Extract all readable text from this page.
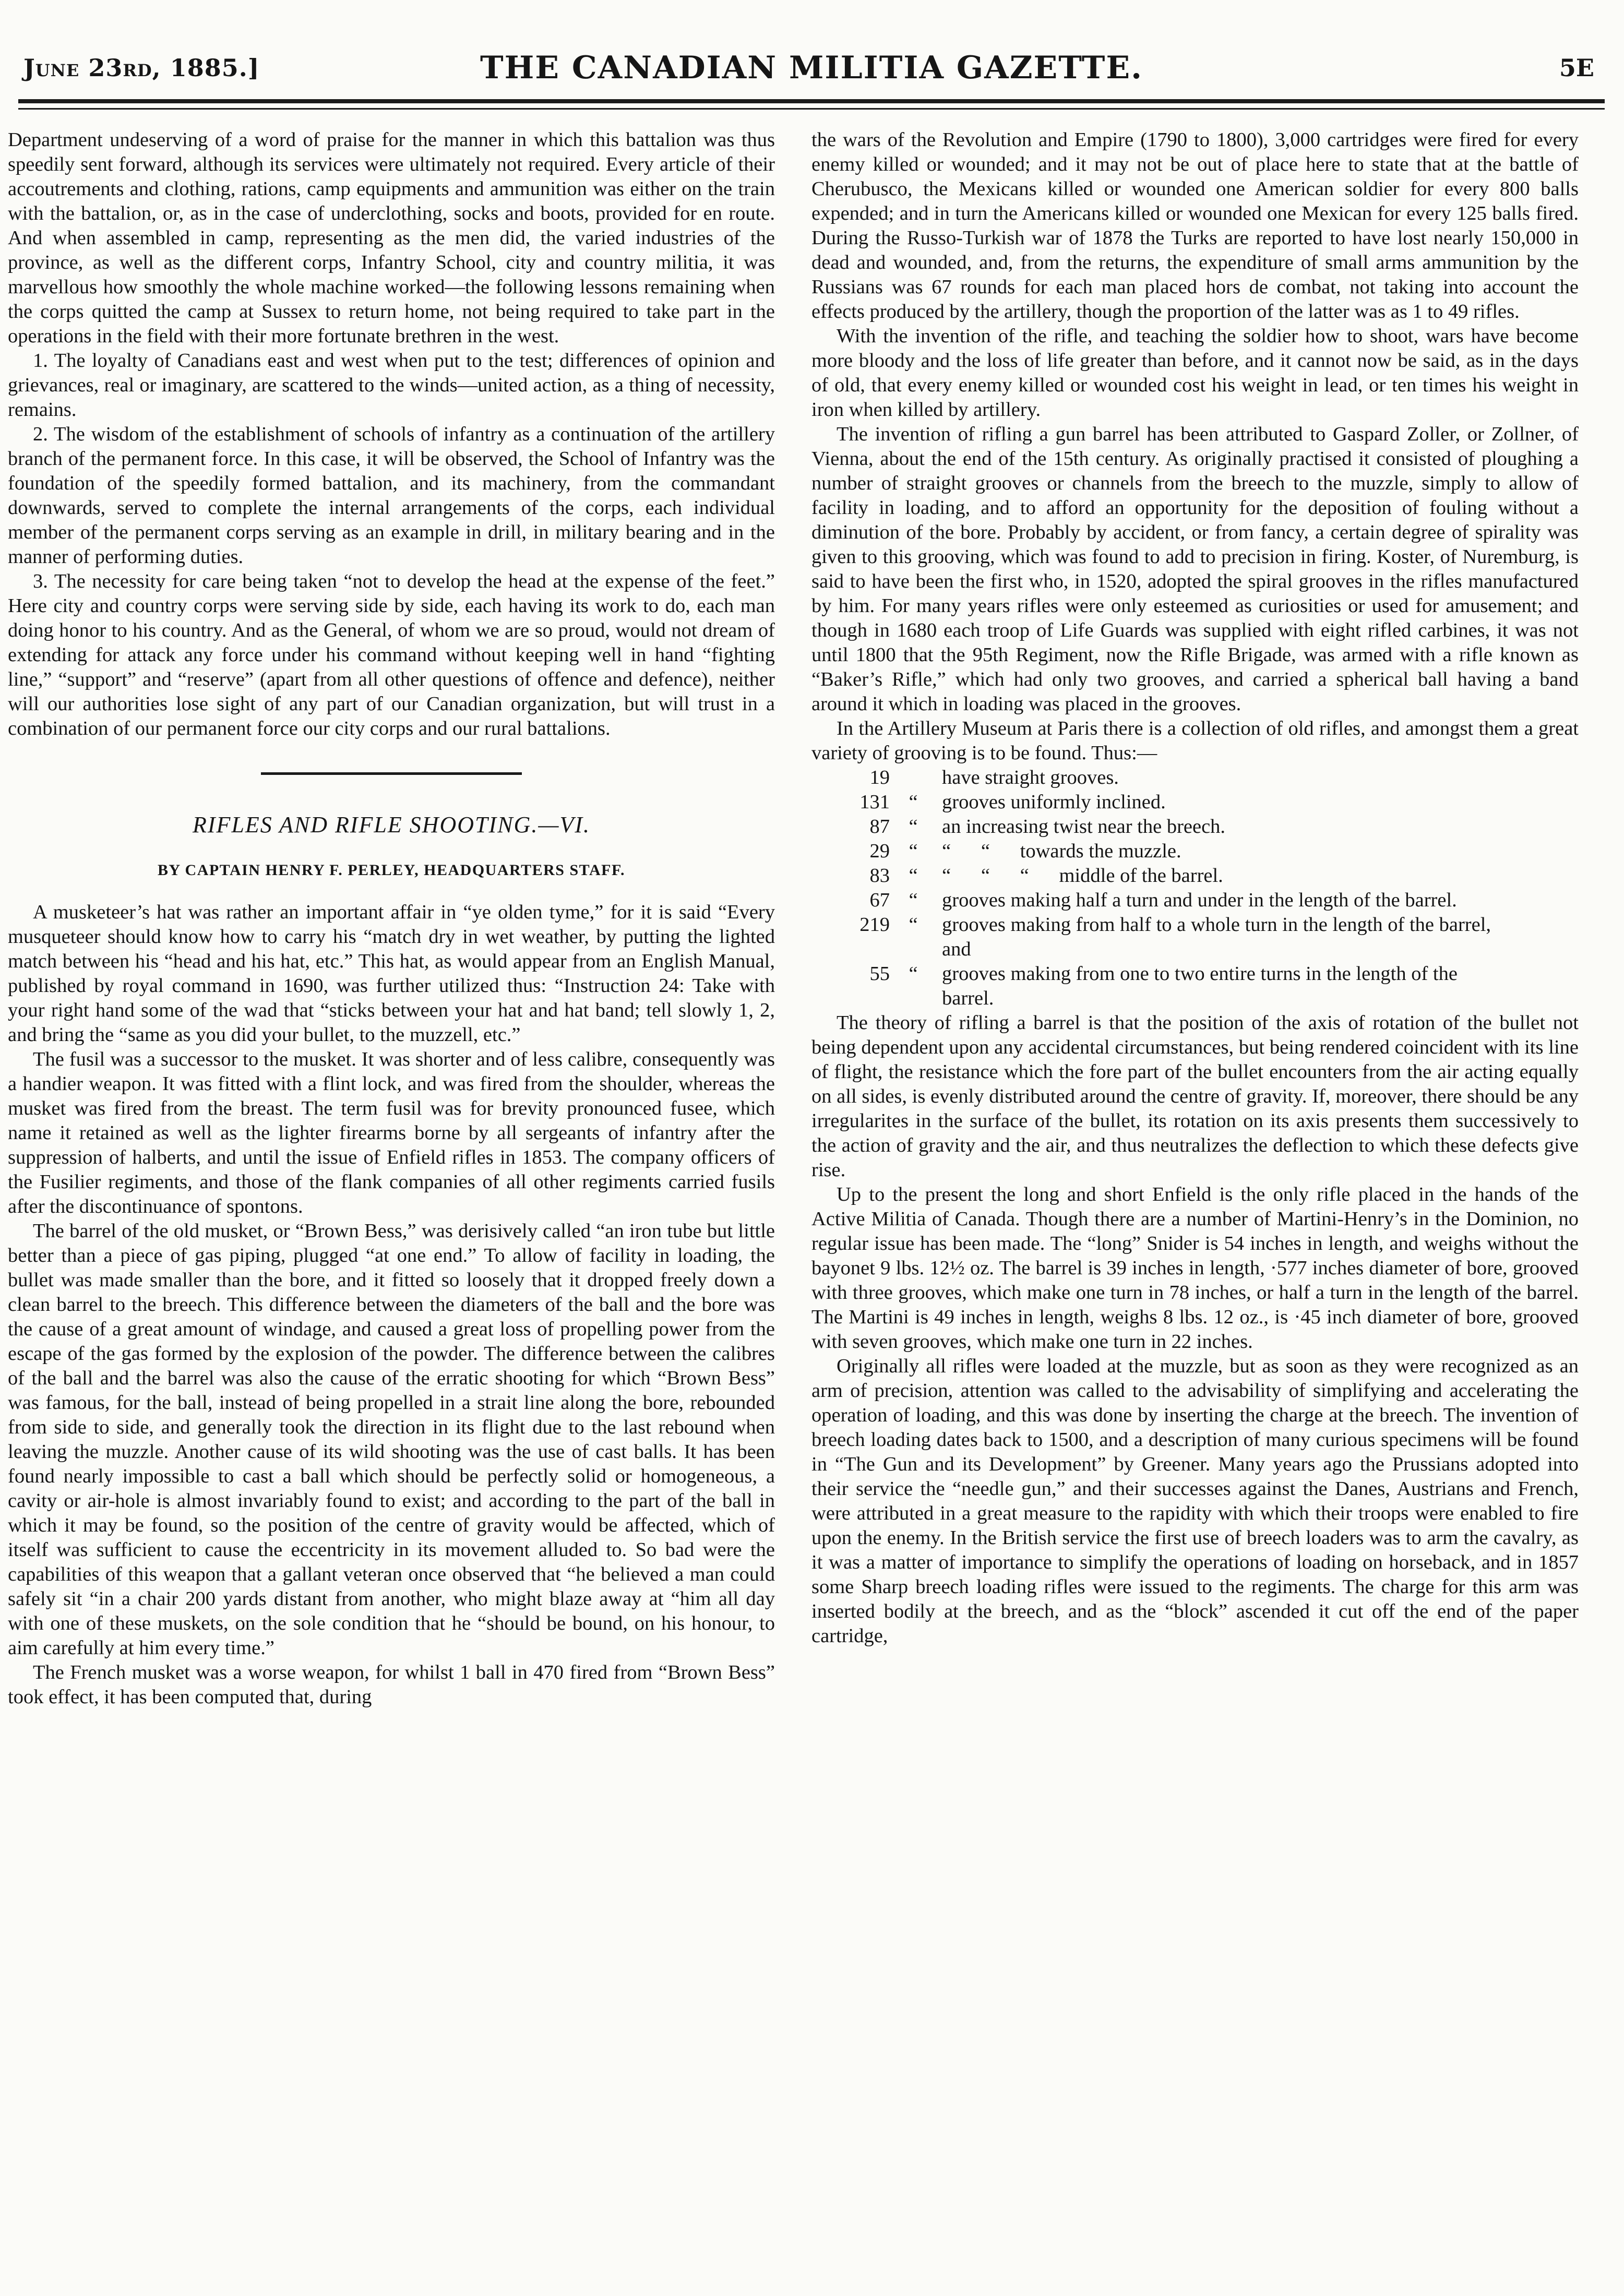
June 23rd, 1885.]	THE CANADIAN MILITIA GAZETTE.	5E

Department undeserving of a word of praise for the manner in which this battalion was thus speedily sent forward, although its services were ultimately not required. Every article of their accoutrements and clothing, rations, camp equipments and ammunition was either on the train with the battalion, or, as in the case of underclothing, socks and boots, provided for en route. And when assembled in camp, representing as the men did, the varied industries of the province, as well as the different corps, Infantry School, city and country militia, it was marvellous how smoothly the whole machine worked—the following lessons remaining when the corps quitted the camp at Sussex to return home, not being required to take part in the operations in the field with their more fortunate brethren in the west.

1. The loyalty of Canadians east and west when put to the test; differences of opinion and grievances, real or imaginary, are scattered to the winds—united action, as a thing of necessity, remains.

2. The wisdom of the establishment of schools of infantry as a continuation of the artillery branch of the permanent force. In this case, it will be observed, the School of Infantry was the foundation of the speedily formed battalion, and its machinery, from the commandant downwards, served to complete the internal arrangements of the corps, each individual member of the permanent corps serving as an example in drill, in military bearing and in the manner of performing duties.

3. The necessity for care being taken “not to develop the head at the expense of the feet.” Here city and country corps were serving side by side, each having its work to do, each man doing honor to his country. And as the General, of whom we are so proud, would not dream of extending for attack any force under his command without keeping well in hand “fighting line,” “support” and “reserve” (apart from all other questions of offence and defence), neither will our authorities lose sight of any part of our Canadian organization, but will trust in a combination of our permanent force our city corps and our rural battalions.

RIFLES AND RIFLE SHOOTING.—VI.
BY CAPTAIN HENRY F. PERLEY, HEADQUARTERS STAFF.

A musketeer’s hat was rather an important affair in “ye olden tyme,” for it is said “Every musqueteer should know how to carry his “match dry in wet weather, by putting the lighted match between his “head and his hat, etc.” This hat, as would appear from an English Manual, published by royal command in 1690, was further utilized thus: “Instruction 24: Take with your right hand some of the wad that “sticks between your hat and hat band; tell slowly 1, 2, and bring the “same as you did your bullet, to the muzzell, etc.”

The fusil was a successor to the musket. It was shorter and of less calibre, consequently was a handier weapon. It was fitted with a flint lock, and was fired from the shoulder, whereas the musket was fired from the breast. The term fusil was for brevity pronounced fusee, which name it retained as well as the lighter firearms borne by all sergeants of infantry after the suppression of halberts, and until the issue of Enfield rifles in 1853. The company officers of the Fusilier regiments, and those of the flank companies of all other regiments carried fusils after the discontinuance of spontons.

The barrel of the old musket, or “Brown Bess,” was derisively called “an iron tube but little better than a piece of gas piping, plugged “at one end.” To allow of facility in loading, the bullet was made smaller than the bore, and it fitted so loosely that it dropped freely down a clean barrel to the breech. This difference between the diameters of the ball and the bore was the cause of a great amount of windage, and caused a great loss of propelling power from the escape of the gas formed by the explosion of the powder. The difference between the calibres of the ball and the barrel was also the cause of the erratic shooting for which “Brown Bess” was famous, for the ball, instead of being propelled in a strait line along the bore, rebounded from side to side, and generally took the direction in its flight due to the last rebound when leaving the muzzle. Another cause of its wild shooting was the use of cast balls. It has been found nearly impossible to cast a ball which should be perfectly solid or homogeneous, a cavity or air-hole is almost invariably found to exist; and according to the part of the ball in which it may be found, so the position of the centre of gravity would be affected, which of itself was sufficient to cause the eccentricity in its movement alluded to. So bad were the capabilities of this weapon that a gallant veteran once observed that “he believed a man could safely sit “in a chair 200 yards distant from another, who might blaze away at “him all day with one of these muskets, on the sole condition that he “should be bound, on his honour, to aim carefully at him every time.”

The French musket was a worse weapon, for whilst 1 ball in 470 fired from “Brown Bess” took effect, it has been computed that, during

the wars of the Revolution and Empire (1790 to 1800), 3,000 cartridges were fired for every enemy killed or wounded; and it may not be out of place here to state that at the battle of Cherubusco, the Mexicans killed or wounded one American soldier for every 800 balls expended; and in turn the Americans killed or wounded one Mexican for every 125 balls fired. During the Russo-Turkish war of 1878 the Turks are reported to have lost nearly 150,000 in dead and wounded, and, from the returns, the expenditure of small arms ammunition by the Russians was 67 rounds for each man placed hors de combat, not taking into account the effects produced by the artillery, though the proportion of the latter was as 1 to 49 rifles.

With the invention of the rifle, and teaching the soldier how to shoot, wars have become more bloody and the loss of life greater than before, and it cannot now be said, as in the days of old, that every enemy killed or wounded cost his weight in lead, or ten times his weight in iron when killed by artillery.

The invention of rifling a gun barrel has been attributed to Gaspard Zoller, or Zollner, of Vienna, about the end of the 15th century. As originally practised it consisted of ploughing a number of straight grooves or channels from the breech to the muzzle, simply to allow of facility in loading, and to afford an opportunity for the deposition of fouling without a diminution of the bore. Probably by accident, or from fancy, a certain degree of spirality was given to this grooving, which was found to add to precision in firing. Koster, of Nuremburg, is said to have been the first who, in 1520, adopted the spiral grooves in the rifles manufactured by him. For many years rifles were only esteemed as curiosities or used for amusement; and though in 1680 each troop of Life Guards was supplied with eight rifled carbines, it was not until 1800 that the 95th Regiment, now the Rifle Brigade, was armed with a rifle known as “Baker’s Rifle,” which had only two grooves, and carried a spherical ball having a band around it which in loading was placed in the grooves.

In the Artillery Museum at Paris there is a collection of old rifles, and amongst them a great variety of grooving is to be found. Thus:—

19	have straight grooves.
131 “	grooves uniformly inclined.
87 “	an increasing twist near the breech.
29 “	“      “      towards the muzzle.
83 “	“      “      “      middle of the barrel.
67 “	grooves making half a turn and under in the length of the barrel.
219 “	grooves making from half to a whole turn in the length of the barrel, and
55 “	grooves making from one to two entire turns in the length of the barrel.

The theory of rifling a barrel is that the position of the axis of rotation of the bullet not being dependent upon any accidental circumstances, but being rendered coincident with its line of flight, the resistance which the fore part of the bullet encounters from the air acting equally on all sides, is evenly distributed around the centre of gravity. If, moreover, there should be any irregularites in the surface of the bullet, its rotation on its axis presents them successively to the action of gravity and the air, and thus neutralizes the deflection to which these defects give rise.

Up to the present the long and short Enfield is the only rifle placed in the hands of the Active Militia of Canada. Though there are a number of Martini-Henry’s in the Dominion, no regular issue has been made. The “long” Snider is 54 inches in length, and weighs without the bayonet 9 lbs. 12½ oz. The barrel is 39 inches in length, ·577 inches diameter of bore, grooved with three grooves, which make one turn in 78 inches, or half a turn in the length of the barrel. The Martini is 49 inches in length, weighs 8 lbs. 12 oz., is ·45 inch diameter of bore, grooved with seven grooves, which make one turn in 22 inches.

Originally all rifles were loaded at the muzzle, but as soon as they were recognized as an arm of precision, attention was called to the advisability of simplifying and accelerating the operation of loading, and this was done by inserting the charge at the breech. The invention of breech loading dates back to 1500, and a description of many curious specimens will be found in “The Gun and its Development” by Greener. Many years ago the Prussians adopted into their service the “needle gun,” and their successes against the Danes, Austrians and French, were attributed in a great measure to the rapidity with which their troops were enabled to fire upon the enemy. In the British service the first use of breech loaders was to arm the cavalry, as it was a matter of importance to simplify the operations of loading on horseback, and in 1857 some Sharp breech loading rifles were issued to the regiments. The charge for this arm was inserted bodily at the breech, and as the “block” ascended it cut off the end of the paper cartridge,
